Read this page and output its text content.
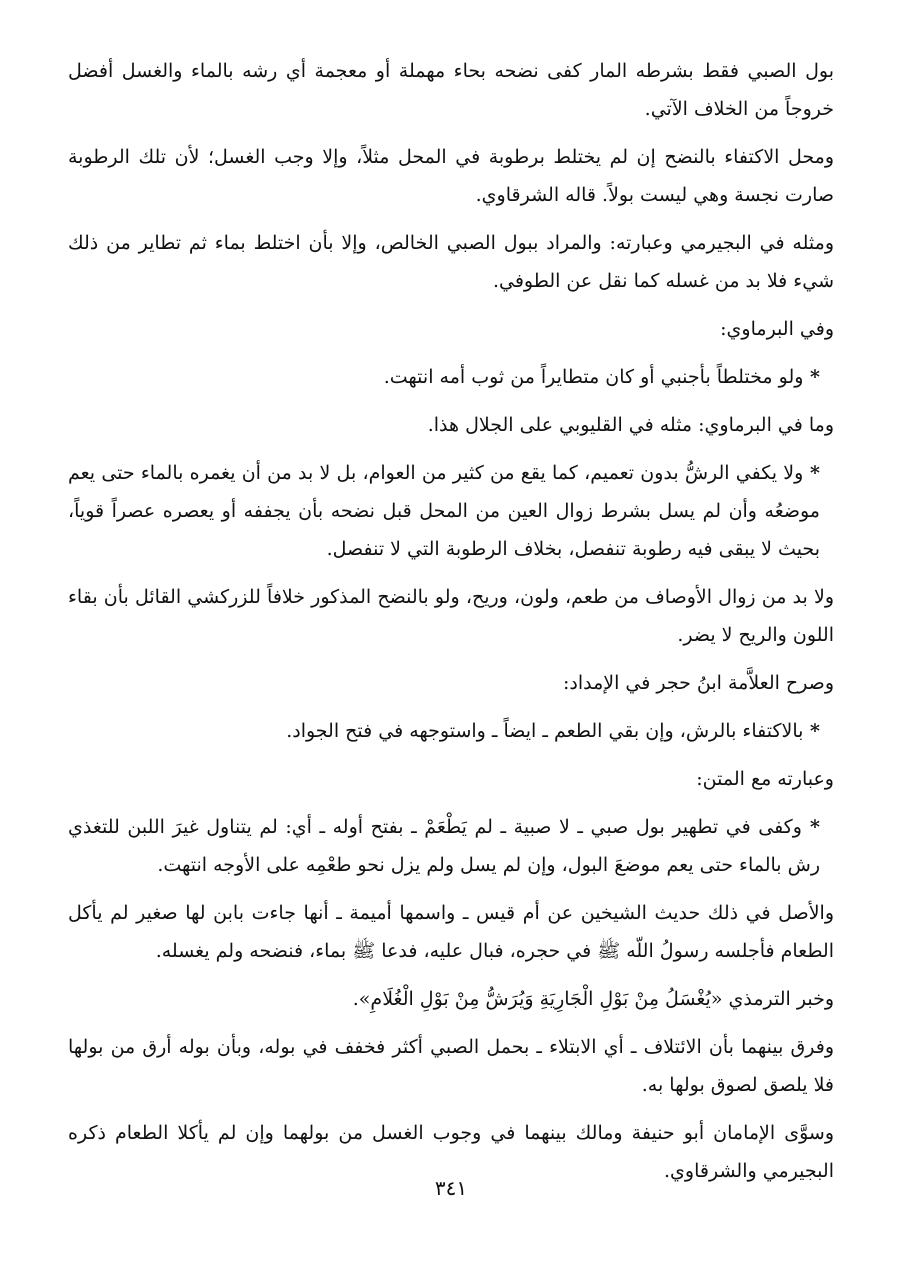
بول الصبي فقط بشرطه المار كفى نضحه بحاء مهملة أو معجمة أي رشه بالماء والغسل أفضل خروجاً من الخلاف الآتي.

ومحل الاكتفاء بالنضح إن لم يختلط برطوبة في المحل مثلاً، وإلا وجب الغسل؛ لأن تلك الرطوبة صارت نجسة وهي ليست بولاً. قاله الشرقاوي.

ومثله في البجيرمي وعبارته: والمراد ببول الصبي الخالص، وإلا بأن اختلط بماء ثم تطاير من ذلك شيء فلا بد من غسله كما نقل عن الطوفي.

وفي البرماوي:

* ولو مختلطاً بأجنبي أو كان متطايراً من ثوب أمه انتهت.

وما في البرماوي: مثله في القليوبي على الجلال هذا.

* ولا يكفي الرشُّ بدون تعميم، كما يقع من كثير من العوام، بل لا بد من أن يغمره بالماء حتى يعم موضعُه وأن لم يسل بشرط زوال العين من المحل قبل نضحه بأن يجففه أو يعصره عصراً قوياً، بحيث لا يبقى فيه رطوبة تنفصل، بخلاف الرطوبة التي لا تنفصل.

ولا بد من زوال الأوصاف من طعم، ولون، وريح، ولو بالنضح المذكور خلافاً للزركشي القائل بأن بقاء اللون والريح لا يضر.

وصرح العلاَّمة ابنُ حجر في الإمداد:

* بالاكتفاء بالرش، وإن بقي الطعم ـ ايضاً ـ واستوجهه في فتح الجواد.

وعبارته مع المتن:

* وكفى في تطهير بول صبي ـ لا صبية ـ لم يَطْعَمْ ـ بفتح أوله ـ أي: لم يتناول غيرَ اللبن للتغذي رش بالماء حتى يعم موضعَ البول، وإن لم يسل ولم يزل نحو طعْمِه على الأوجه انتهت.

والأصل في ذلك حديث الشيخين عن أم قيس ـ واسمها أميمة ـ أنها جاءت بابن لها صغير لم يأكل الطعام فأجلسه رسولُ اللّه ﷺ في حجره، فبال عليه، فدعا ﷺ بماء، فنضحه ولم يغسله.

وخبر الترمذي «يُغْسَلُ مِنْ بَوْلِ الْجَارِيَةِ وَيُرَشُّ مِنْ بَوْلِ الْغُلَامِ».

وفرق بينهما بأن الائتلاف ـ أي الابتلاء ـ بحمل الصبي أكثر فخفف في بوله، وبأن بوله أرق من بولها فلا يلصق لصوق بولها به.

وسوَّى الإمامان أبو حنيفة ومالك بينهما في وجوب الغسل من بولهما وإن لم يأكلا الطعام ذكره البجيرمي والشرقاوي.

٣٤١
